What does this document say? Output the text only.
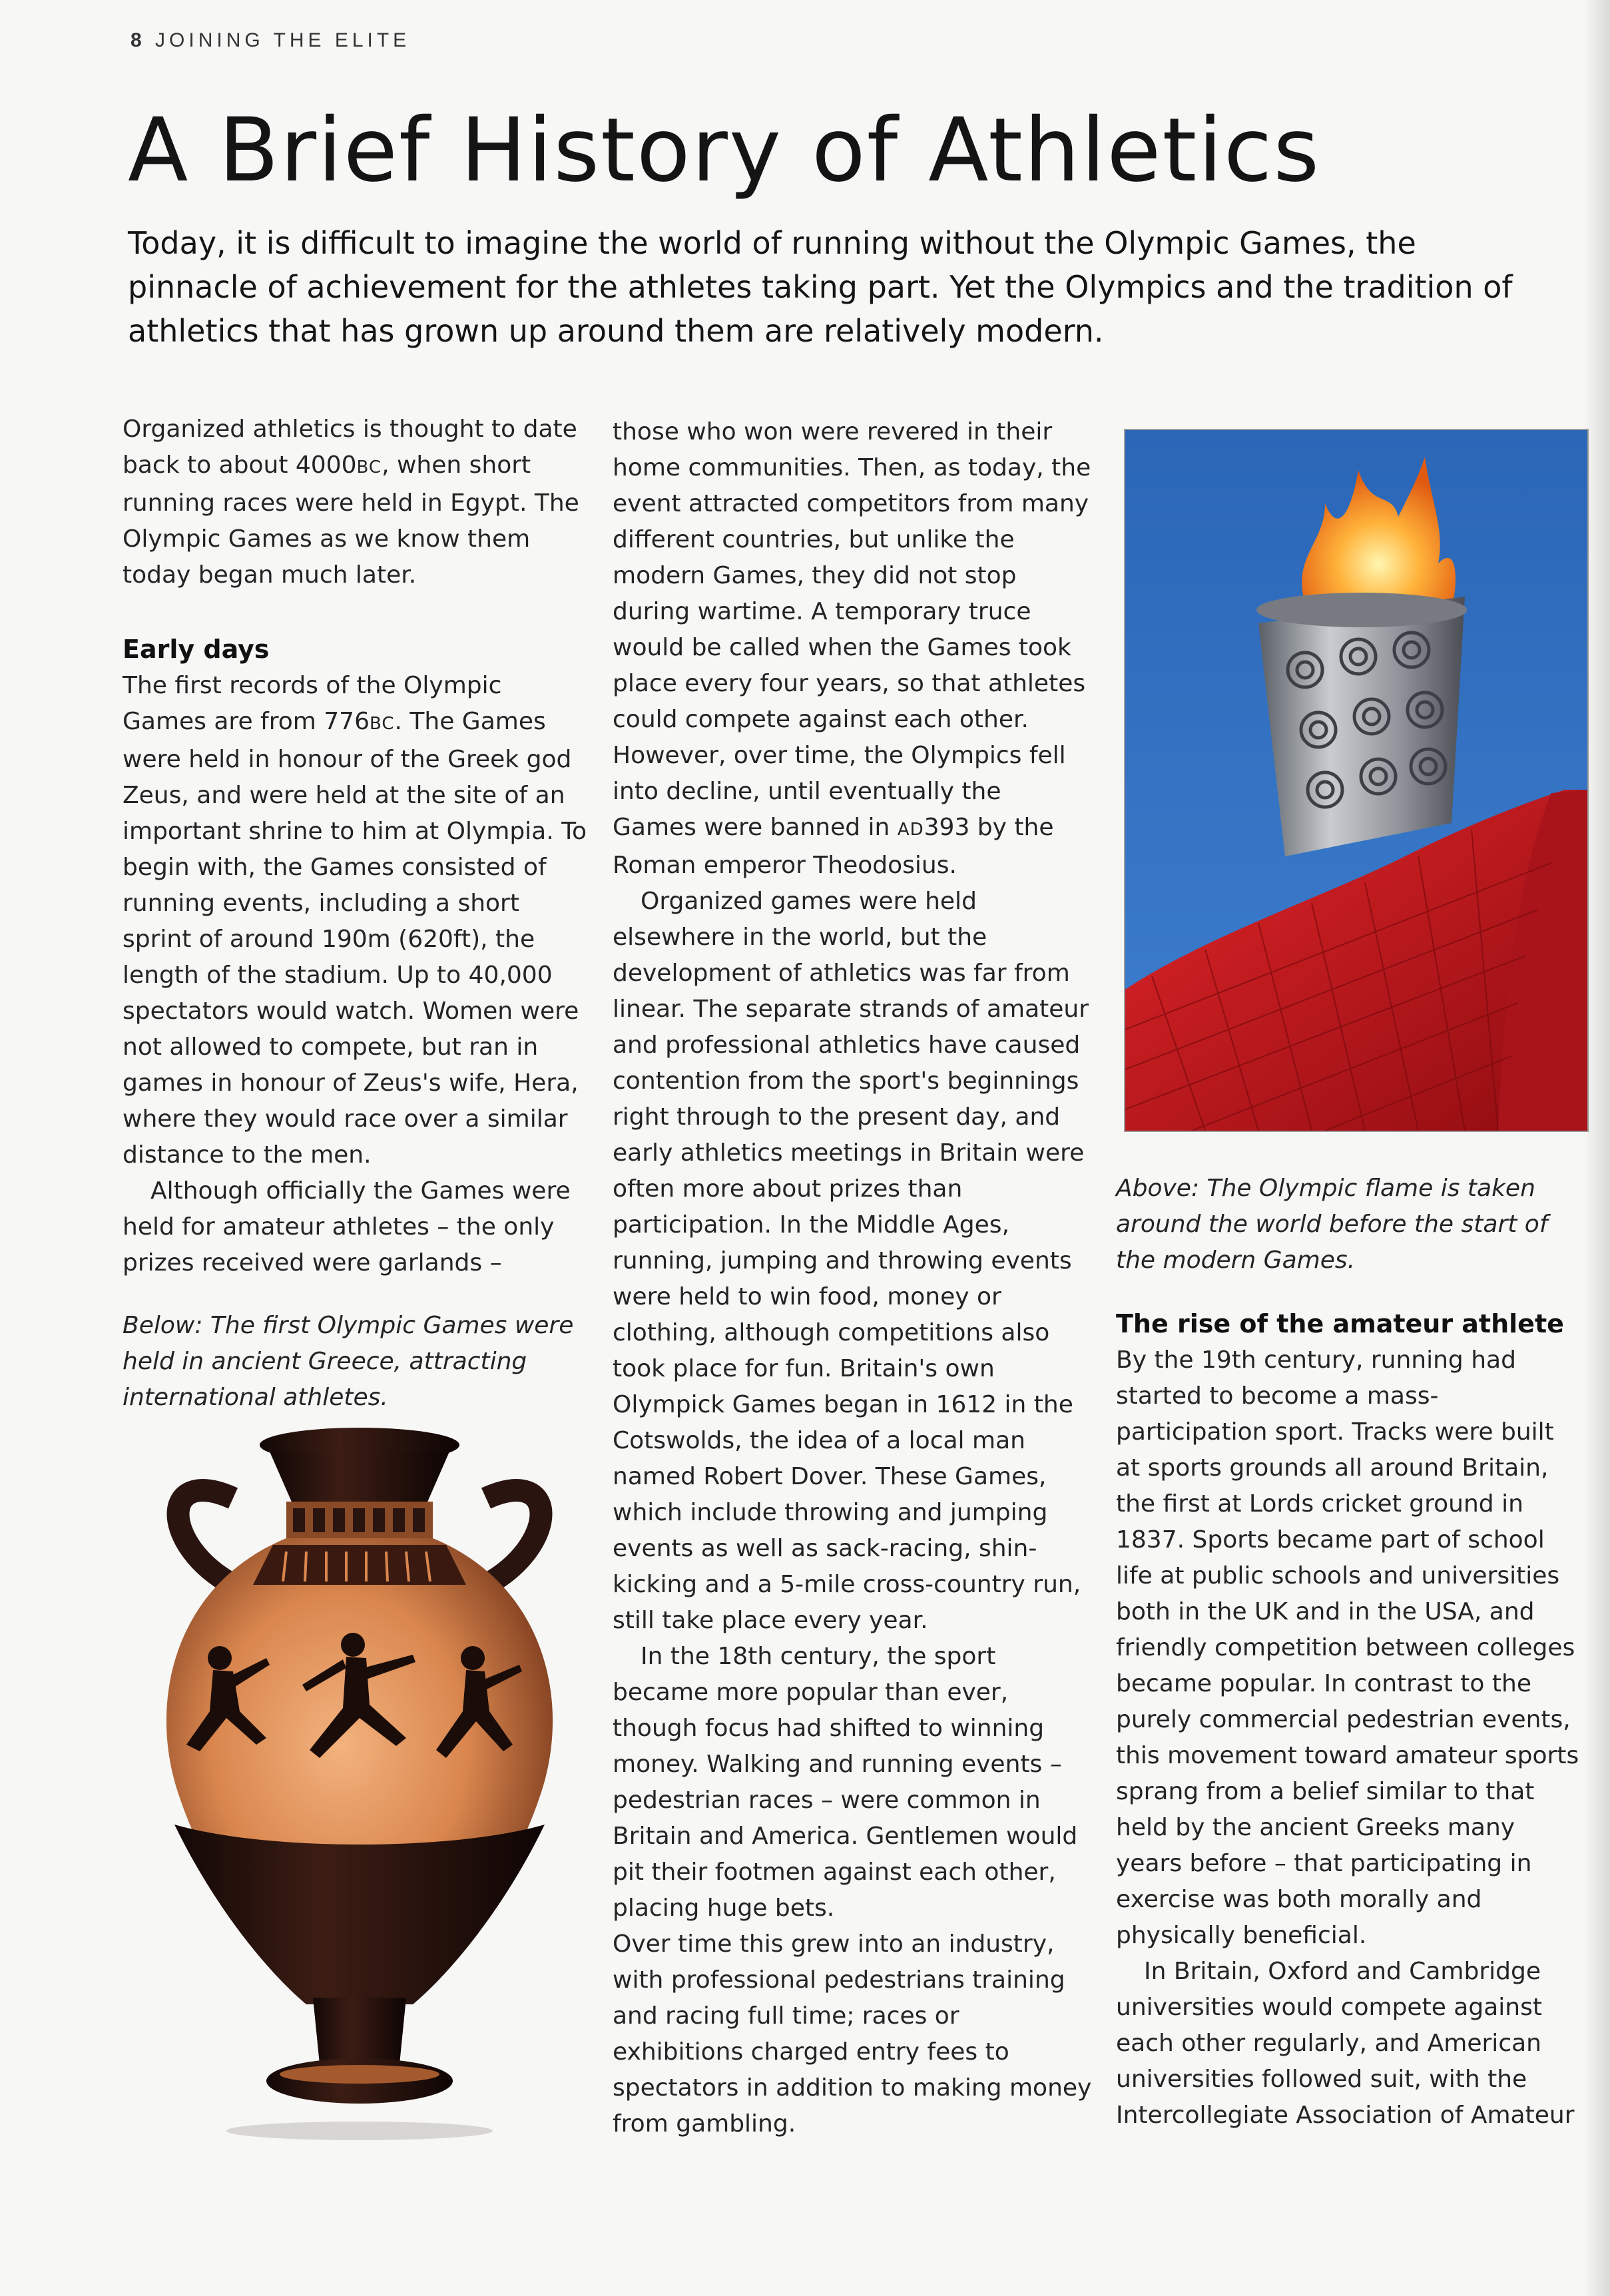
8 JOINING THE ELITE
A Brief History of Athletics

Today, it is difficult to imagine the world of running without the Olympic Games, the pinnacle of achievement for the athletes taking part. Yet the Olympics and the tradition of athletics that has grown up around them are relatively modern.

Organized athletics is thought to date back to about 4000BC, when short running races were held in Egypt. The Olympic Games as we know them today began much later.

Early days

The first records of the Olympic Games are from 776BC. The Games were held in honour of the Greek god Zeus, and were held at the site of an important shrine to him at Olympia. To begin with, the Games consisted of running events, including a short sprint of around 190m (620ft), the length of the stadium. Up to 40,000 spectators would watch. Women were not allowed to compete, but ran in games in honour of Zeus's wife, Hera, where they would race over a similar distance to the men.

Although officially the Games were held for amateur athletes – the only prizes received were garlands –

Below: The first Olympic Games were held in ancient Greece, attracting international athletes.

those who won were revered in their home communities. Then, as today, the event attracted competitors from many different countries, but unlike the modern Games, they did not stop during wartime. A temporary truce would be called when the Games took place every four years, so that athletes could compete against each other. However, over time, the Olympics fell into decline, until eventually the Games were banned in AD393 by the Roman emperor Theodosius.

Organized games were held elsewhere in the world, but the development of athletics was far from linear. The separate strands of amateur and professional athletics have caused contention from the sport's beginnings right through to the present day, and early athletics meetings in Britain were often more about prizes than participation. In the Middle Ages, running, jumping and throwing events were held to win food, money or clothing, although competitions also took place for fun. Britain's own Olympick Games began in 1612 in the Cotswolds, the idea of a local man named Robert Dover. These Games, which include throwing and jumping events as well as sack-racing, shin-kicking and a 5-mile cross-country run, still take place every year.

In the 18th century, the sport became more popular than ever, though focus had shifted to winning money. Walking and running events – pedestrian races – were common in Britain and America. Gentlemen would pit their footmen against each other, placing huge bets.

Over time this grew into an industry, with professional pedestrians training and racing full time; races or exhibitions charged entry fees to spectators in addition to making money from gambling.

Above: The Olympic flame is taken around the world before the start of the modern Games.

The rise of the amateur athlete

By the 19th century, running had started to become a mass-participation sport. Tracks were built at sports grounds all around Britain, the first at Lords cricket ground in 1837. Sports became part of school life at public schools and universities both in the UK and in the USA, and friendly competition between colleges became popular. In contrast to the purely commercial pedestrian events, this movement toward amateur sports sprang from a belief similar to that held by the ancient Greeks many years before – that participating in exercise was both morally and physically beneficial.

In Britain, Oxford and Cambridge universities would compete against each other regularly, and American universities followed suit, with the Intercollegiate Association of Amateur
